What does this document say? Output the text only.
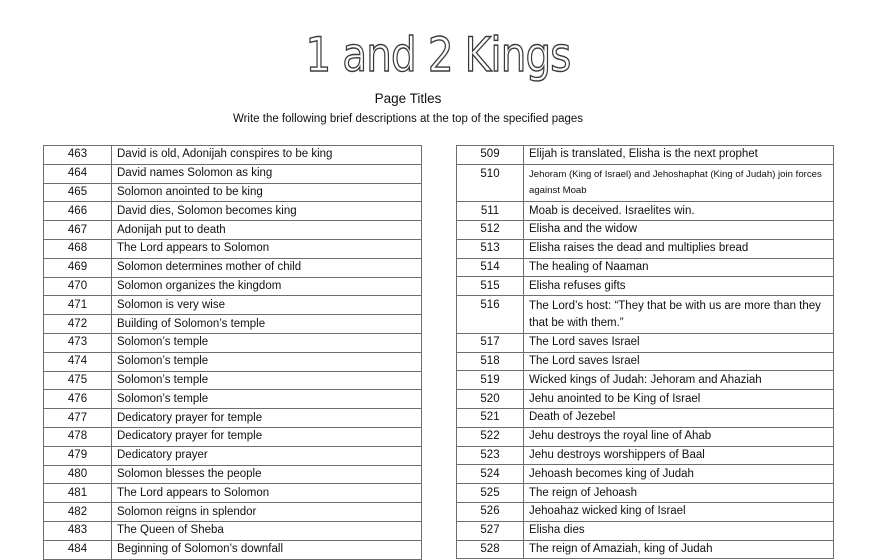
1 and 2 Kings
Page Titles
Write the following brief descriptions at the top of the specified pages
463	David is old, Adonijah conspires to be king
464	David names Solomon as king
465	Solomon anointed to be king
466	David dies, Solomon becomes king
467	Adonijah put to death
468	The Lord appears to Solomon
469	Solomon determines mother of child
470	Solomon organizes the kingdom
471	Solomon is very wise
472	Building of Solomon’s temple
473	Solomon’s temple
474	Solomon’s temple
475	Solomon’s temple
476	Solomon’s temple
477	Dedicatory prayer for temple
478	Dedicatory prayer for temple
479	Dedicatory prayer
480	Solomon blesses the people
481	The Lord appears to Solomon
482	Solomon reigns in splendor
483	The Queen of Sheba
484	Beginning of Solomon’s downfall
509	Elijah is translated, Elisha is the next prophet
510	Jehoram (King of Israel) and Jehoshaphat (King of Judah) join forces against Moab

511	Moab is deceived. Israelites win.
512	Elisha and the widow
513	Elisha raises the dead and multiplies bread
514	The healing of Naaman
515	Elisha refuses gifts
516	The Lord’s host: “They that be with us are more than they that be with them.”
517	The Lord saves Israel
518	The Lord saves Israel
519	Wicked kings of Judah: Jehoram and Ahaziah
520	Jehu anointed to be King of Israel
521	Death of Jezebel
522	Jehu destroys the royal line of Ahab
523	Jehu destroys worshippers of Baal
524	Jehoash becomes king of Judah
525	The reign of Jehoash
526	Jehoahaz wicked king of Israel
527	Elisha dies
528	The reign of Amaziah, king of Judah
